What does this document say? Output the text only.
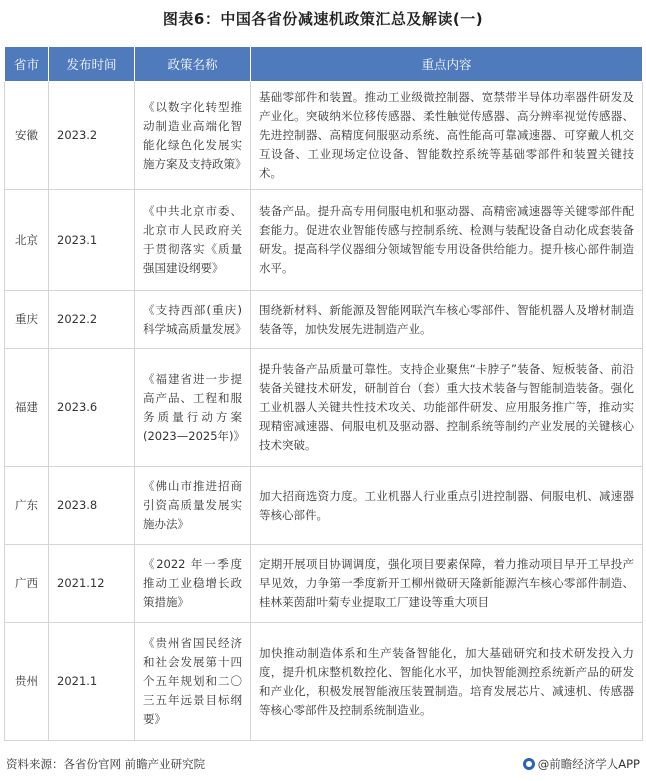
图表6：中国各省份减速机政策汇总及解读(一)
省市	发布时间	政策名称	重点内容
安徽	2023.2	《以数字化转型推动制造业高端化智能化绿色化发展实施方案及支持政策》	基础零部件和装置。推动工业级微控制器、宽禁带半导体功率器件研发及产业化。突破纳米位移传感器、柔性触觉传感器、高分辨率视觉传感器、先进控制器、高精度伺服驱动系统、高性能高可靠减速器、可穿戴人机交互设备、工业现场定位设备、智能数控系统等基础零部件和装置关键技术。
北京	2023.1	《中共北京市委、北京市人民政府关于贯彻落实《质量强国建设纲要》	装备产品。提升高专用伺服电机和驱动器、高精密减速器等关键零部件配套能力。促进农业智能传感与控制系统、检测与装配设备自动化成套装备研发。提高科学仪器细分领域智能专用设备供给能力。提升核心部件制造水平。
重庆	2022.2	《支持西部(重庆)科学城高质量发展》	围绕新材料、新能源及智能网联汽车核心零部件、智能机器人及增材制造装备等，加快发展先进制造产业。
福建	2023.6	《福建省进一步提高产品、工程和服务质量行动方案(2023—2025年)》	提升装备产品质量可靠性。支持企业聚焦“卡脖子”装备、短板装备、前沿装备关键技术研发，研制首台（套）重大技术装备与智能制造装备。强化工业机器人关键共性技术攻关、功能部件研发、应用服务推广等，推动实现精密减速器、伺服电机及驱动器、控制系统等制约产业发展的关键核心技术突破。
广东	2023.8	《佛山市推进招商引资高质量发展实施办法》	加大招商选资力度。工业机器人行业重点引进控制器、伺服电机、减速器等核心部件。
广西	2021.12	《2022 年一季度推动工业稳增长政策措施》	定期开展项目协调调度，强化项目要素保障，着力推动项目早开工早投产早见效，力争第一季度新开工柳州微研天隆新能源汽车核心零部件制造、桂林莱茵甜叶菊专业提取工厂建设等重大项目
贵州	2021.1	《贵州省国民经济和社会发展第十四个五年规划和二〇三五年远景目标纲要》	加快推动制造体系和生产装备智能化，加大基础研究和技术研发投入力度，提升机床整机数控化、智能化水平，加快智能测控系统新产品的研发和产业化，积极发展智能液压装置制造。培育发展芯片、减速机、传感器等核心零部件及控制系统制造业。
资料来源：各省份官网 前瞻产业研究院	@前瞻经济学人APP
